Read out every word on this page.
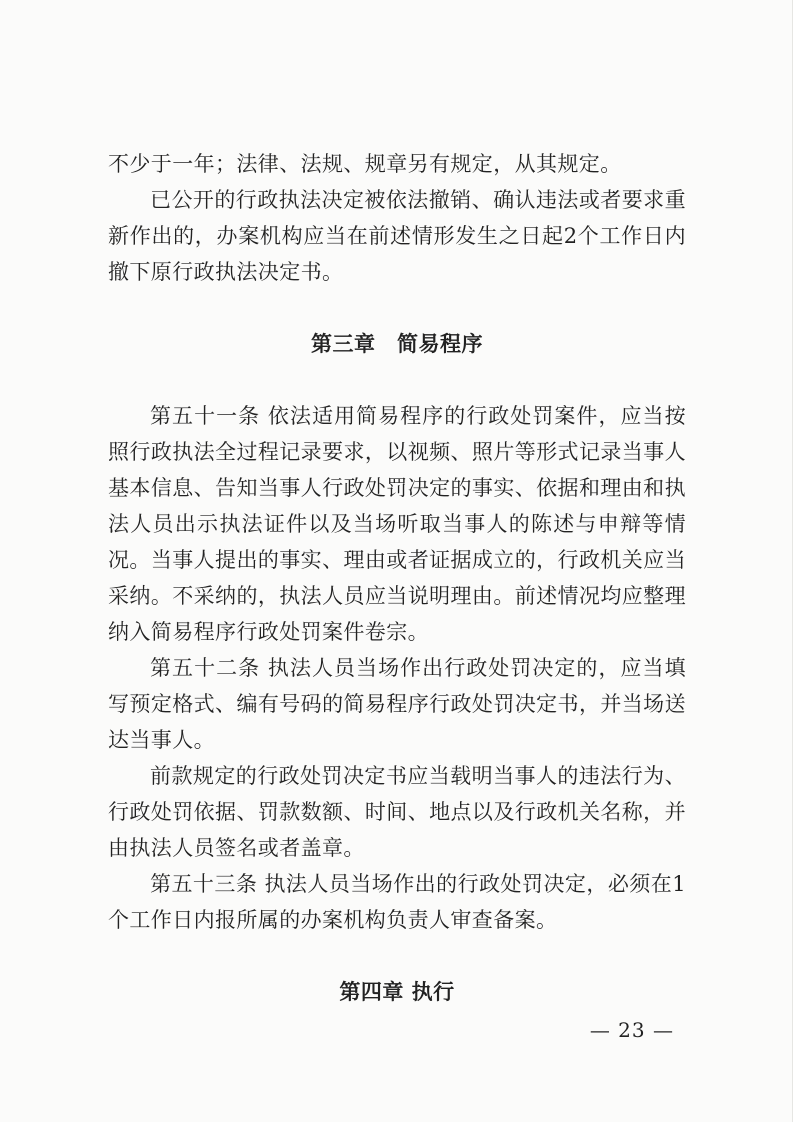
不少于一年；法律、法规、规章另有规定，从其规定。

已公开的行政执法决定被依法撤销、确认违法或者要求重新作出的，办案机构应当在前述情形发生之日起2个工作日内撤下原行政执法决定书。

第三章　简易程序

第五十一条 依法适用简易程序的行政处罚案件，应当按照行政执法全过程记录要求，以视频、照片等形式记录当事人基本信息、告知当事人行政处罚决定的事实、依据和理由和执法人员出示执法证件以及当场听取当事人的陈述与申辩等情况。当事人提出的事实、理由或者证据成立的，行政机关应当采纳。不采纳的，执法人员应当说明理由。前述情况均应整理纳入简易程序行政处罚案件卷宗。

第五十二条 执法人员当场作出行政处罚决定的，应当填写预定格式、编有号码的简易程序行政处罚决定书，并当场送达当事人。

前款规定的行政处罚决定书应当载明当事人的违法行为、行政处罚依据、罚款数额、时间、地点以及行政机关名称，并由执法人员签名或者盖章。

第五十三条 执法人员当场作出的行政处罚决定，必须在1个工作日内报所属的办案机构负责人审查备案。

第四章 执行
— 23 —
